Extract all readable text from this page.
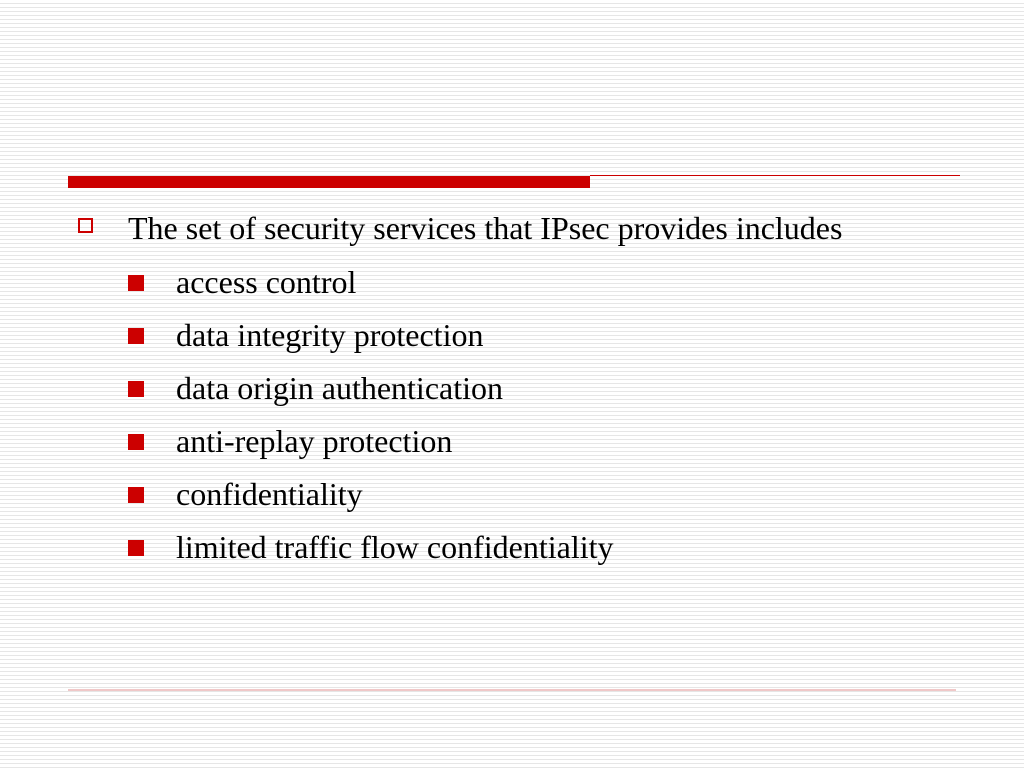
The set of security services that IPsec provides includes
access control
data integrity protection
data origin authentication
anti-replay protection
confidentiality
limited traffic flow confidentiality
